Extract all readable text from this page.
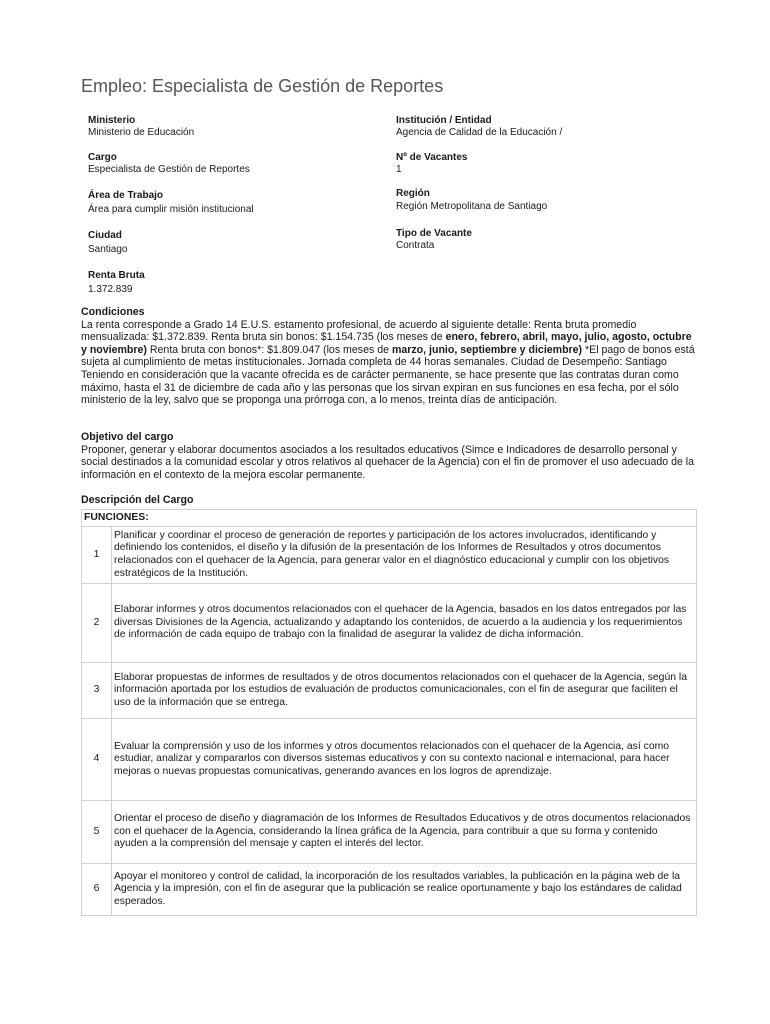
Empleo: Especialista de Gestión de Reportes
Ministerio
Ministerio de Educación
Institución / Entidad
Agencia de Calidad de la Educación /
Cargo
Especialista de Gestión de Reportes
Nº de Vacantes
1
Área de Trabajo
Área para cumplir misión institucional
Región
Región Metropolitana de Santiago
Ciudad
Santiago
Tipo de Vacante
Contrata
Renta Bruta
1.372.839
Condiciones

La renta corresponde a Grado 14 E.U.S. estamento profesional, de acuerdo al siguiente detalle: Renta bruta promedio mensualizada: $1.372.839. Renta bruta sin bonos: $1.154.735 (los meses de enero, febrero, abril, mayo, julio, agosto, octubre y noviembre) Renta bruta con bonos*: $1.809.047 (los meses de marzo, junio, septiembre y diciembre) *El pago de bonos está sujeta al cumplimiento de metas institucionales. Jornada completa de 44 horas semanales. Ciudad de Desempeño: Santiago Teniendo en consideración que la vacante ofrecida es de carácter permanente, se hace presente que las contratas duran como máximo, hasta el 31 de diciembre de cada año y las personas que los sirvan expiran en sus funciones en esa fecha, por el sólo ministerio de la ley, salvo que se proponga una prórroga con, a lo menos, treinta días de anticipación.

Objetivo del cargo

Proponer, generar y elaborar documentos asociados a los resultados educativos (Simce e Indicadores de desarrollo personal y social destinados a la comunidad escolar y otros relativos al quehacer de la Agencia) con el fin de promover el uso adecuado de la información en el contexto de la mejora escolar permanente.

Descripción del Cargo
FUNCIONES:	
1	Planificar y coordinar el proceso de generación de reportes y participación de los actores involucrados, identificando y definiendo los contenidos, el diseño y la difusión de la presentación de los Informes de Resultados y otros documentos relacionados con el quehacer de la Agencia, para generar valor en el diagnóstico educacional y cumplir con los objetivos estratégicos de la Institución.
2	Elaborar informes y otros documentos relacionados con el quehacer de la Agencia, basados en los datos entregados por las diversas Divisiones de la Agencia, actualizando y adaptando los contenidos, de acuerdo a la audiencia y los requerimientos de información de cada equipo de trabajo con la finalidad de asegurar la validez de dicha información.
3	Elaborar propuestas de informes de resultados y de otros documentos relacionados con el quehacer de la Agencia, según la información aportada por los estudios de evaluación de productos comunicacionales, con el fin de asegurar que faciliten el uso de la información que se entrega.
4	Evaluar la comprensión y uso de los informes y otros documentos relacionados con el quehacer de la Agencia, así como estudiar, analizar y compararlos con diversos sistemas educativos y con su contexto nacional e internacional, para hacer mejoras o nuevas propuestas comunicativas, generando avances en los logros de aprendizaje.
5	Orientar el proceso de diseño y diagramación de los Informes de Resultados Educativos y de otros documentos relacionados con el quehacer de la Agencia, considerando la línea gráfica de la Agencia, para contribuir a que su forma y contenido ayuden a la comprensión del mensaje y capten el interés del lector.
6	Apoyar el monitoreo y control de calidad, la incorporación de los resultados variables, la publicación en la página web de la Agencia y la impresión, con el fin de asegurar que la publicación se realice oportunamente y bajo los estándares de calidad esperados.
